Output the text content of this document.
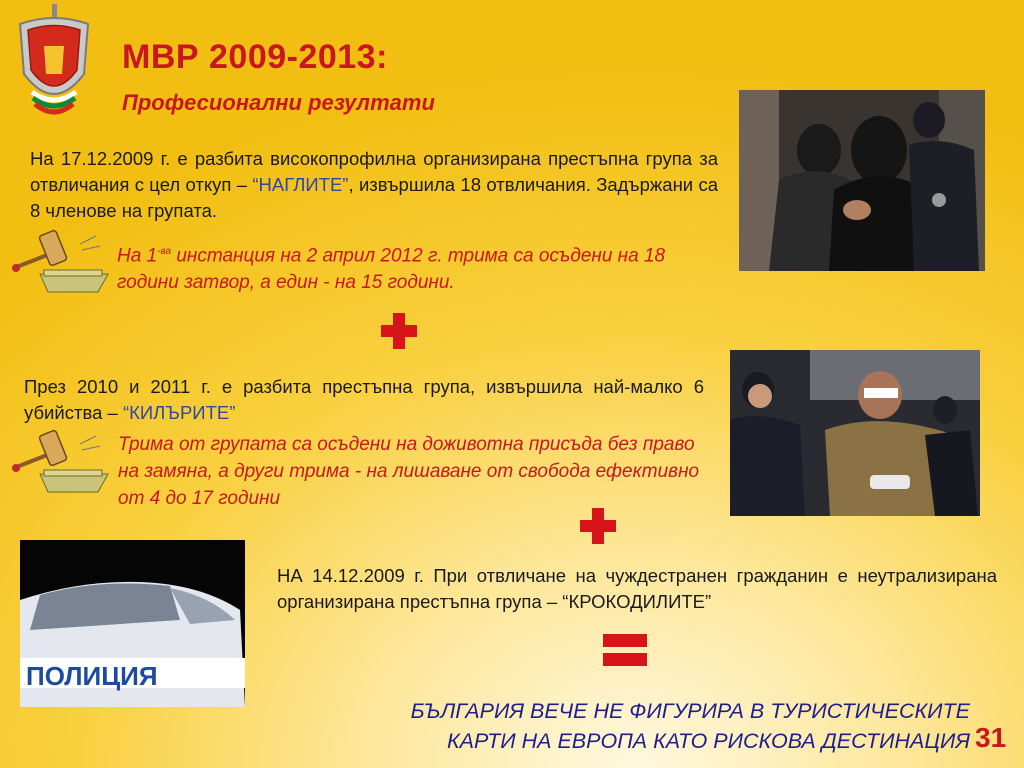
МВР 2009-2013:
Професионални резултати
На 17.12.2009 г. е разбита високопрофилна организирана престъпна група за отвличания с цел откуп – “НАГЛИТЕ”, извършила 18 отвличания. Задържани са 8 членове на групата.
На $1^{-ва}$ инстанция на 2 април 2012 г. трима са осъдени на 18 години затвор, а един - на 15 години.
През 2010 и 2011 г. е разбита престъпна група, извършила най-малко 6 убийства – “КИЛЪРИТЕ”
Трима от групата са осъдени на доживотна присъда без право на замяна, а други трима - на лишаване от свобода ефективно от 4 до 17 години
ПОЛИЦИЯ
НА 14.12.2009 г. При отвличане на чуждестранен гражданин е неутрализирана организирана престъпна група – “КРОКОДИЛИТЕ”
БЪЛГАРИЯ ВЕЧЕ НЕ ФИГУРИРА В ТУРИСТИЧЕСКИТЕ
КАРТИ НА ЕВРОПА КАТО РИСКОВА ДЕСТИНАЦИЯ 31
